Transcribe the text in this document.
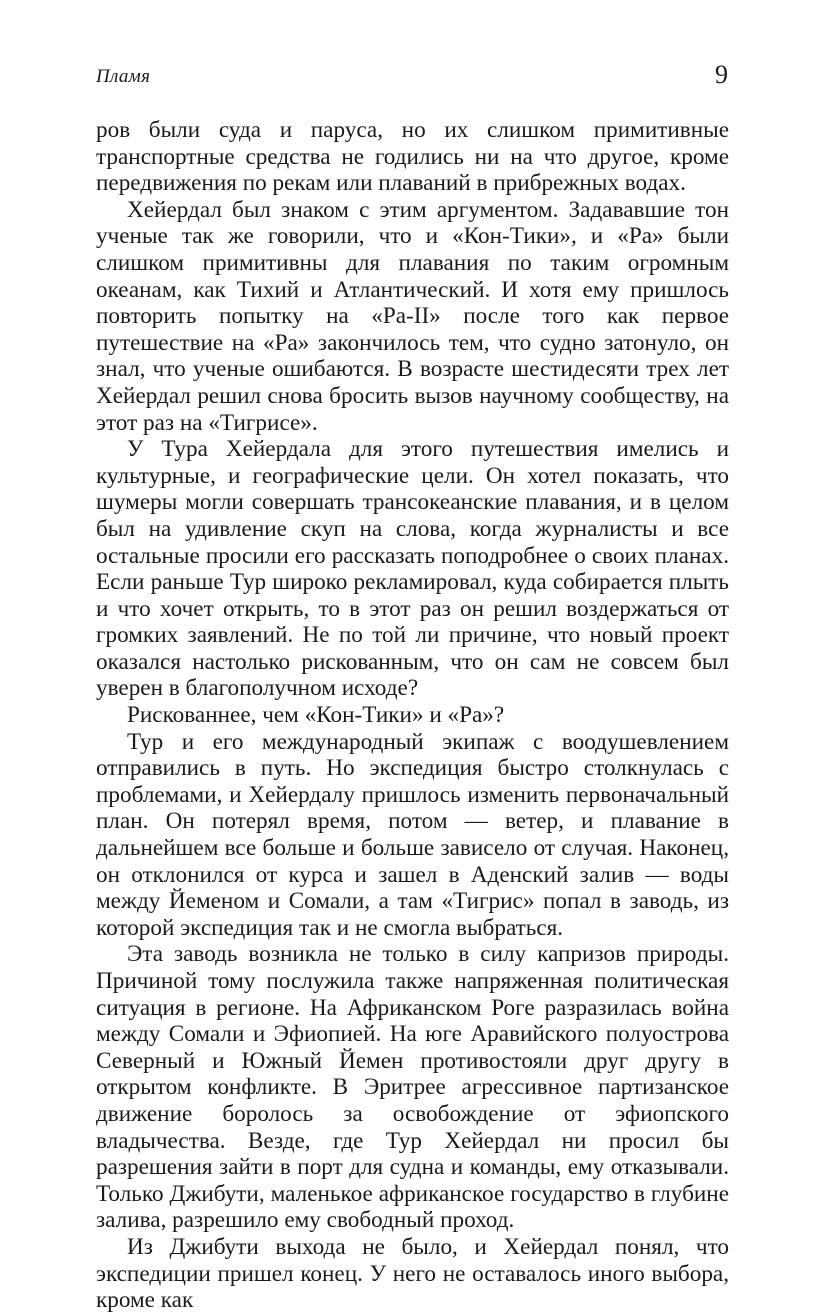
Пламя	9

ров были суда и паруса, но их слишком примитивные транспортные средства не годились ни на что другое, кроме передвижения по рекам или плаваний в прибрежных водах.

Хейердал был знаком с этим аргументом. Задававшие тон ученые так же говорили, что и «Кон-Тики», и «Ра» были слишком примитивны для плавания по таким огромным океанам, как Тихий и Атлантический. И хотя ему пришлось повторить попытку на «Ра-II» после того как первое путешествие на «Ра» закончилось тем, что судно затонуло, он знал, что ученые ошибаются. В возрасте шестидесяти трех лет Хейердал решил снова бросить вызов научному сообществу, на этот раз на «Тигрисе».

У Тура Хейердала для этого путешествия имелись и культурные, и географические цели. Он хотел показать, что шумеры могли совершать трансокеанские плавания, и в целом был на удивление скуп на слова, когда журналисты и все остальные просили его рассказать поподробнее о своих планах. Если раньше Тур широко рекламировал, куда собирается плыть и что хочет открыть, то в этот раз он решил воздержаться от громких заявлений. Не по той ли причине, что новый проект оказался настолько рискованным, что он сам не совсем был уверен в благополучном исходе?

Рискованнее, чем «Кон-Тики» и «Ра»?

Тур и его международный экипаж с воодушевлением отправились в путь. Но экспедиция быстро столкнулась с проблемами, и Хейердалу пришлось изменить первоначальный план. Он потерял время, потом — ветер, и плавание в дальнейшем все больше и больше зависело от случая. Наконец, он отклонился от курса и зашел в Аденский залив — воды между Йеменом и Сомали, а там «Тигрис» попал в заводь, из которой экспедиция так и не смогла выбраться.

Эта заводь возникла не только в силу капризов природы. Причиной тому послужила также напряженная политическая ситуация в регионе. На Африканском Роге разразилась война между Сомали и Эфиопией. На юге Аравийского полуострова Северный и Южный Йемен противостояли друг другу в открытом конфликте. В Эритрее агрессивное партизанское движение боролось за освобождение от эфиопского владычества. Везде, где Тур Хейердал ни просил бы разрешения зайти в порт для судна и команды, ему отказывали. Только Джибути, маленькое африканское государство в глубине залива, разрешило ему свободный проход.

Из Джибути выхода не было, и Хейердал понял, что экспедиции пришел конец. У него не оставалось иного выбора, кроме как
